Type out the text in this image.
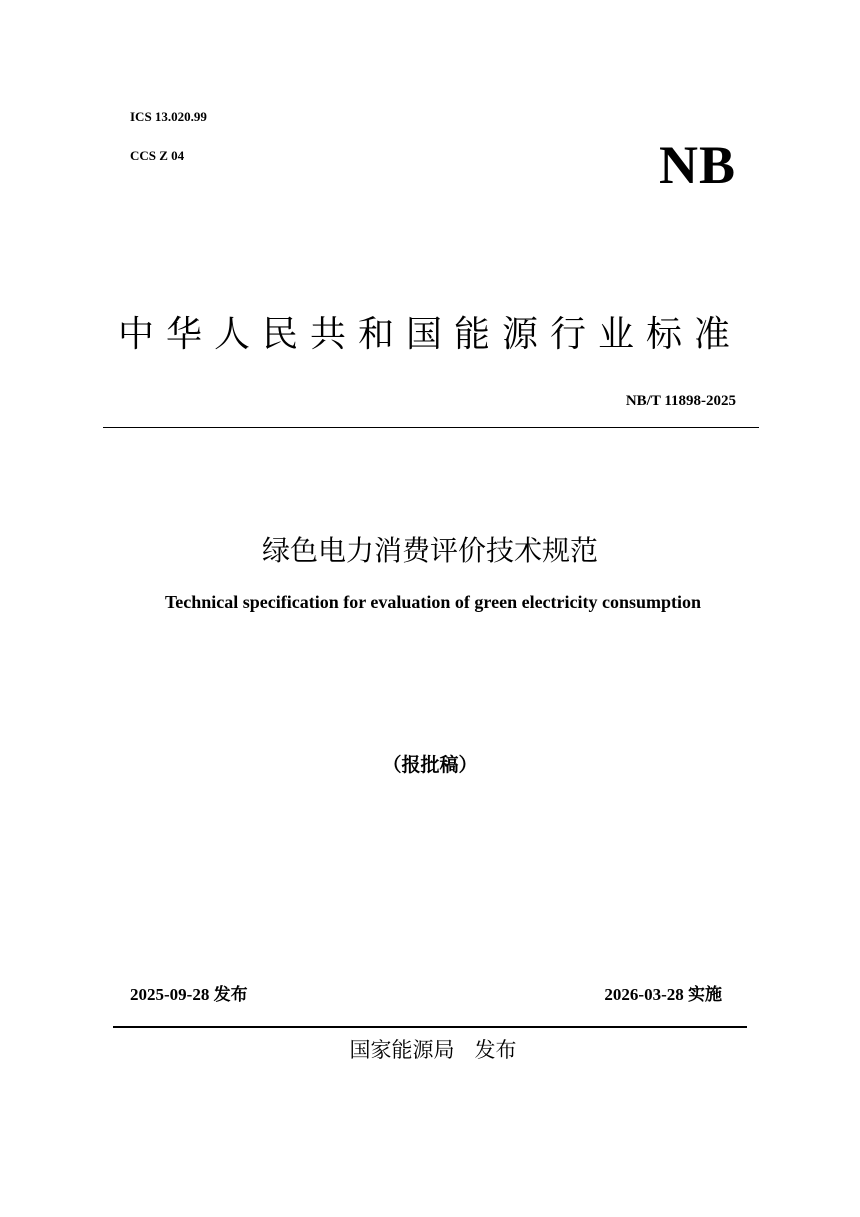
ICS 13.020.99
CCS Z 04	NB
中华人民共和国能源行业标准
NB/T 11898-2025
绿色电力消费评价技术规范
Technical specification for evaluation of green electricity consumption
（报批稿）
2025-09-28 发布	2026-03-28 实施
国家能源局   发布
